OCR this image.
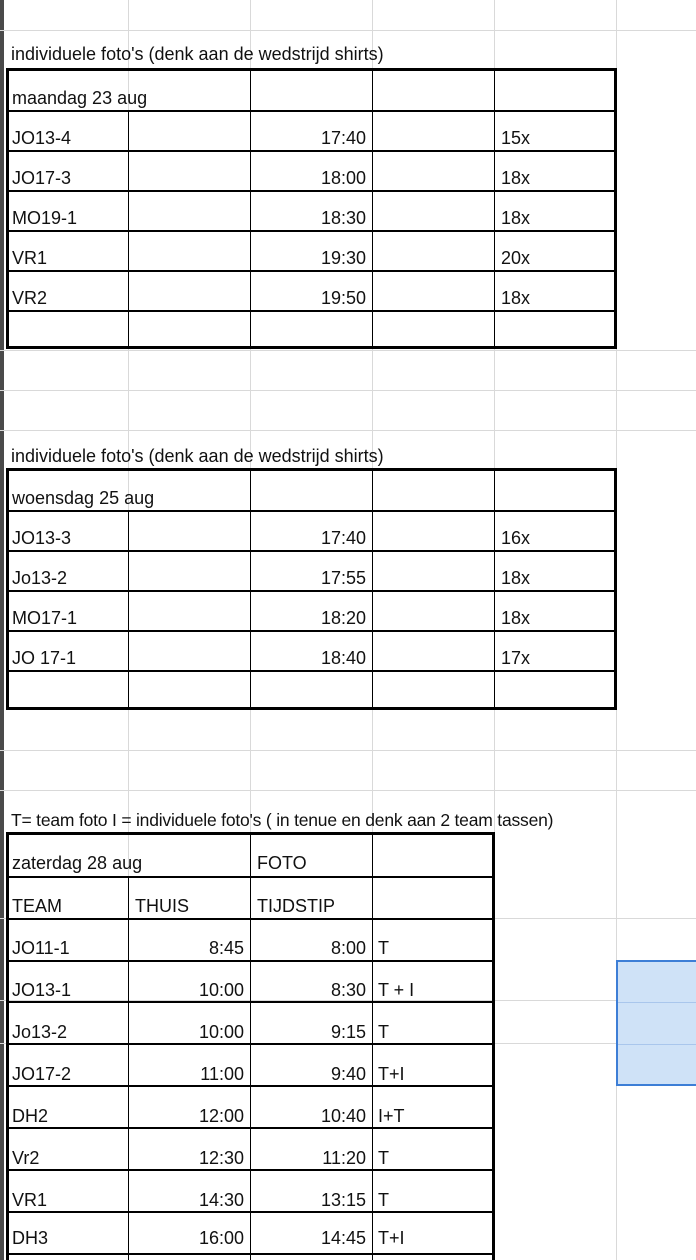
individuele foto's (denk aan de wedstrijd shirts)
maandag 23 aug
JO13-4	17:40	15x
JO17-3	18:00	18x
MO19-1	18:30	18x
VR1	19:30	20x
VR2	19:50	18x
individuele foto's (denk aan de wedstrijd shirts)
woensdag 25 aug
JO13-3	17:40	16x
Jo13-2	17:55	18x
MO17-1	18:20	18x
JO 17-1	18:40	17x
T= team foto I = individuele foto's ( in tenue en denk aan 2 team tassen)
zaterdag 28 aug	FOTO
TEAM	THUIS	TIJDSTIP
JO11-1	8:45	8:00 T
JO13-1	10:00	8:30 T + I
Jo13-2	10:00	9:15 T
JO17-2	11:00	9:40 T+I
DH2	12:00	10:40 I+T
Vr2	12:30	11:20 T
VR1	14:30	13:15 T
DH3	16:00	14:45 T+I
